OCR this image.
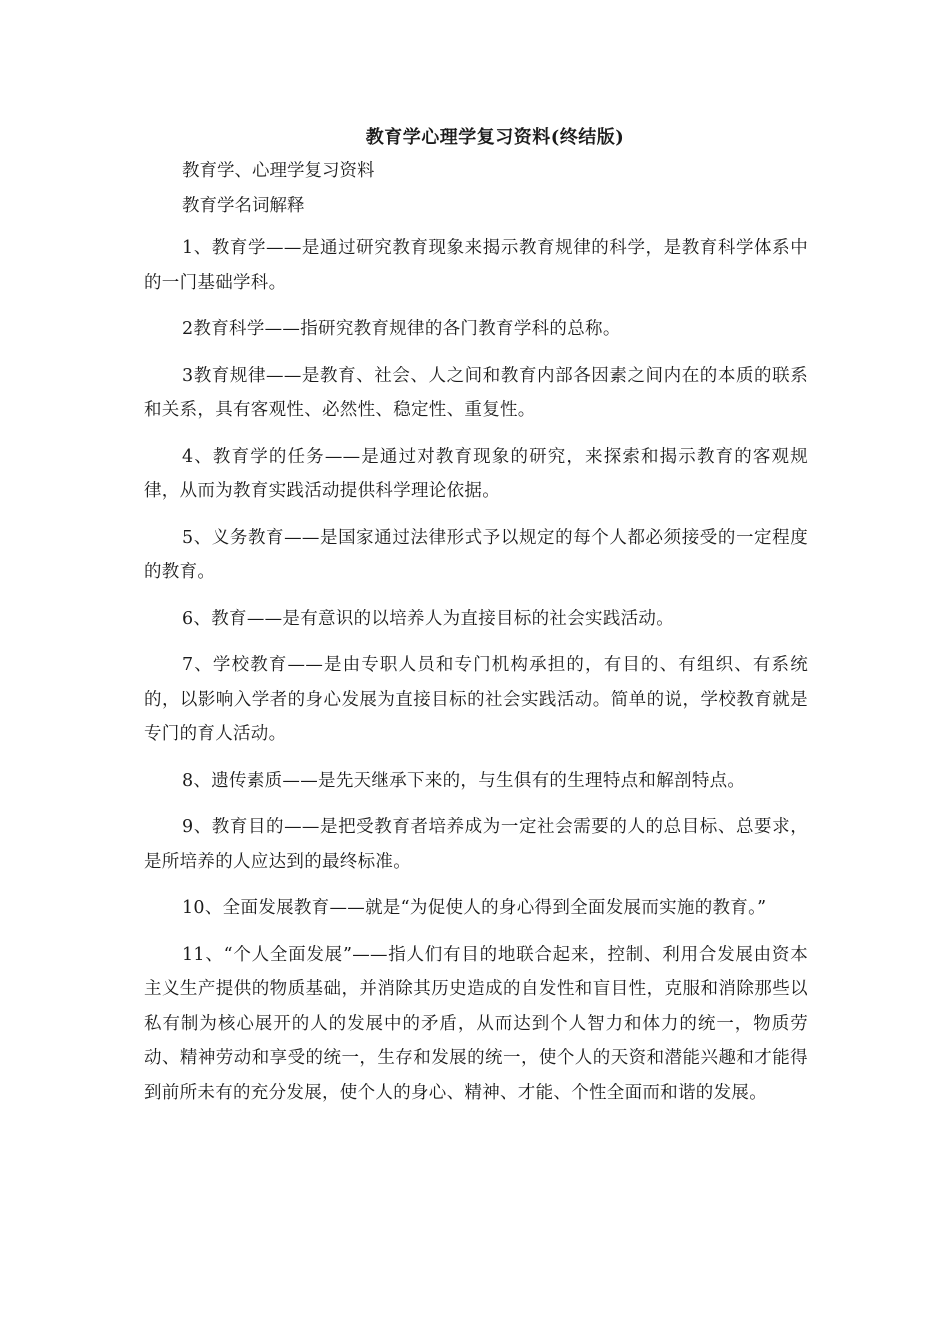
教育学心理学复习资料(终结版)
教育学、心理学复习资料
教育学名词解释

1、教育学——是通过研究教育现象来揭示教育规律的科学，是教育科学体系中的一门基础学科。

2教育科学——指研究教育规律的各门教育学科的总称。

3教育规律——是教育、社会、人之间和教育内部各因素之间内在的本质的联系和关系，具有客观性、必然性、稳定性、重复性。

4、教育学的任务——是通过对教育现象的研究，来探索和揭示教育的客观规律，从而为教育实践活动提供科学理论依据。

5、义务教育——是国家通过法律形式予以规定的每个人都必须接受的一定程度的教育。

6、教育——是有意识的以培养人为直接目标的社会实践活动。

7、学校教育——是由专职人员和专门机构承担的，有目的、有组织、有系统的，以影响入学者的身心发展为直接目标的社会实践活动。简单的说，学校教育就是专门的育人活动。

8、遗传素质——是先天继承下来的，与生俱有的生理特点和解剖特点。

9、教育目的——是把受教育者培养成为一定社会需要的人的总目标、总要求，是所培养的人应达到的最终标准。

10、全面发展教育——就是“为促使人的身心得到全面发展而实施的教育。”

11、“个人全面发展”——指人们有目的地联合起来，控制、利用合发展由资本主义生产提供的物质基础，并消除其历史造成的自发性和盲目性，克服和消除那些以私有制为核心展开的人的发展中的矛盾，从而达到个人智力和体力的统一，物质劳动、精神劳动和享受的统一，生存和发展的统一，使个人的天资和潜能兴趣和才能得到前所未有的充分发展，使个人的身心、精神、才能、个性全面而和谐的发展。
